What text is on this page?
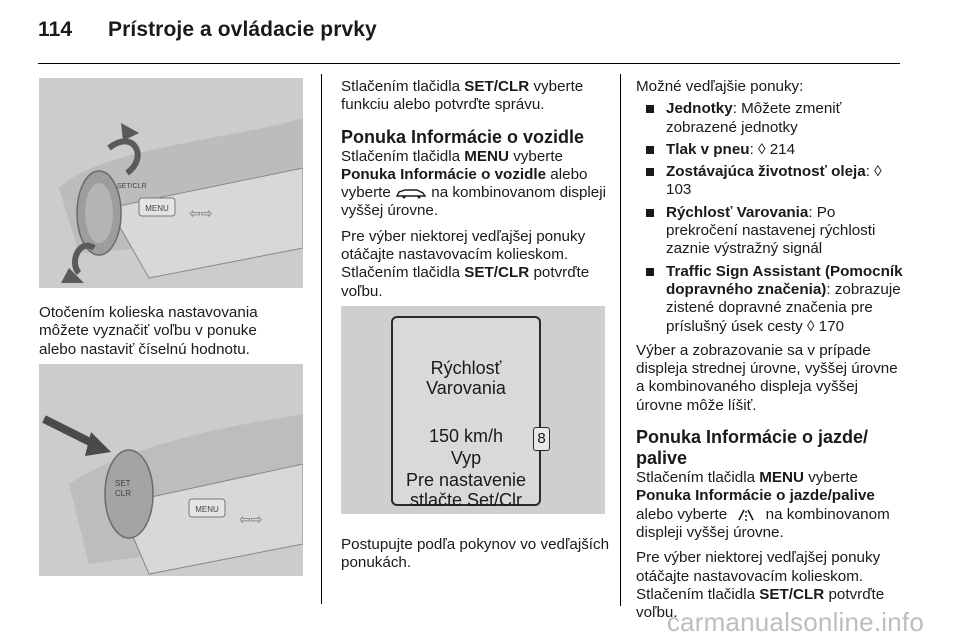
114 Prístroje a ovládacie prvky
MENU
SET/CLR
⇦⇨
Otočením kolieska nastavovania
môžete vyznačiť voľbu v ponuke
alebo nastaviť číselnú hodnotu.
SET
CLR
MENU
⇦⇨

Stlačením tlačidla SET/CLR vyberte funkciu alebo potvrďte správu.

Ponuka Informácie o vozidle

Stlačením tlačidla MENU vyberte Ponuka Informácie o vozidle alebo vyberte  na kombinovanom displeji vyššej úrovne.

Pre výber niektorej vedľajšej ponuky otáčajte nastavovacím kolieskom. Stlačením tlačidla SET/CLR potvrďte voľbu.

Rýchlosť
Varovania
150 km/h
Vyp
Pre nastavenie
stlačte Set/Clr
8

Postupujte podľa pokynov vo vedľajších ponukách.

Možné vedľajšie ponuky:

Jednotky: Môžete zmeniť zobrazené jednotky
Tlak v pneu: ◊ 214
Zostávajúca životnosť oleja: ◊ 103
Rýchlosť Varovania: Po prekročení nastavenej rýchlosti zaznie výstražný signál
Traffic Sign Assistant (Pomocník dopravného značenia): zobrazuje zistené dopravné značenia pre príslušný úsek cesty ◊ 170

Výber a zobrazovanie sa v prípade displeja strednej úrovne, vyššej úrovne a kombinovaného displeja vyššej úrovne môže líšiť.

Ponuka Informácie o jazde/ palive

Stlačením tlačidla MENU vyberte Ponuka Informácie o jazde/palive alebo vyberte  na kombinovanom displeji vyššej úrovne.

Pre výber niektorej vedľajšej ponuky otáčajte nastavovacím kolieskom. Stlačením tlačidla SET/CLR potvrďte voľbu.

carmanualsonline.info
